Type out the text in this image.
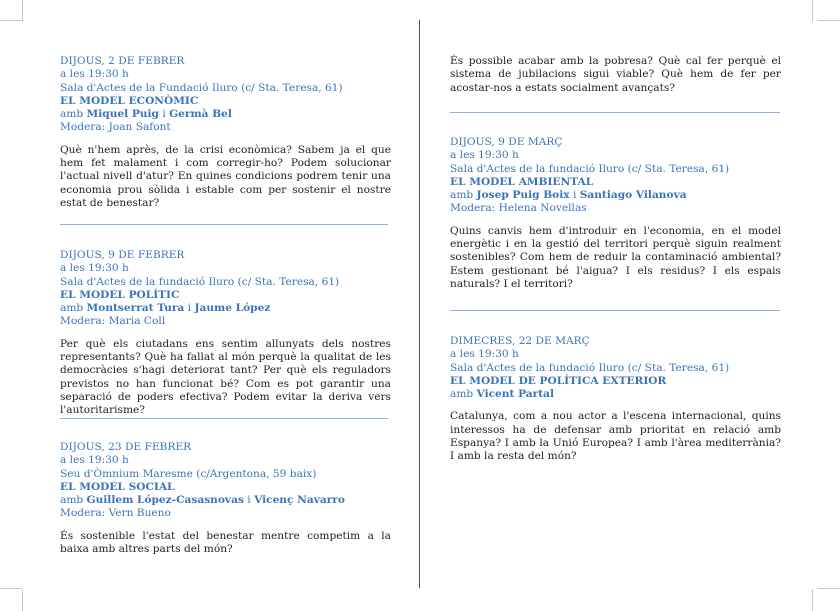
DIJOUS, 2 DE FEBRER
a les 19:30 h
Sala d'Actes de la Fundació Iluro (c/ Sta. Teresa, 61)
EL MODEL ECONÒMIC
amb Miquel Puig i Germà Bel
Modera: Joan Safont
Què n'hem après, de la crisi econòmica? Sabem ja el que hem fet malament i com corregir-ho? Podem solucionar l'actual nivell d'atur? En quines condicions podrem tenir una economia prou sòlida i estable com per sostenir el nostre estat de benestar?
DIJOUS, 9 DE FEBRER
a les 19:30 h
Sala d'Actes de la fundació Iluro (c/ Sta. Teresa, 61)
EL MODEL POLÍTIC
amb Montserrat Tura i Jaume López
Modera: Maria Coll
Per què els ciutadans ens sentim allunyats dels nostres representants? Què ha fallat al món perquè la qualitat de les democràcies s'hagi deteriorat tant? Per què els reguladors previstos no han funcionat bé? Com es pot garantir una separació de poders efectiva? Podem evitar la deriva vers l'autoritarisme?
DIJOUS, 23 DE FEBRER
a les 19:30 h
Seu d'Òmnium Maresme (c/Argentona, 59 baix)
EL MODEL SOCIAL
amb Guillem López-Casasnovas i Vicenç Navarro
Modera: Vern Bueno
És sostenible l'estat del benestar mentre competim a la baixa amb altres parts del món?
És possible acabar amb la pobresa? Què cal fer perquè el sistema de jubilacions sigui viable? Què hem de fer per acostar-nos a estats socialment avançats?
DIJOUS, 9 DE MARÇ
a les 19:30 h
Sala d'Actes de la fundació Iluro (c/ Sta. Teresa, 61)
EL MODEL AMBIENTAL
amb Josep Puig Boix i Santiago Vilanova
Modera: Helena Novellas
Quins canvis hem d'introduir en l'economia, en el model energètic i en la gestió del territori perquè siguin realment sostenibles? Com hem de reduir la contaminació ambiental? Estem gestionant bé l'aigua? I els residus? I els espais naturals? I el territori?
DIMECRES, 22 DE MARÇ
a les 19:30 h
Sala d'Actes de la fundació Iluro (c/ Sta. Teresa, 61)
EL MODEL DE POLÍTICA EXTERIOR
amb Vicent Partal
Catalunya, com a nou actor a l'escena internacional, quins interessos ha de defensar amb prioritat en relació amb Espanya? I amb la Unió Europea? I amb l'àrea mediterrània? I amb la resta del món?
